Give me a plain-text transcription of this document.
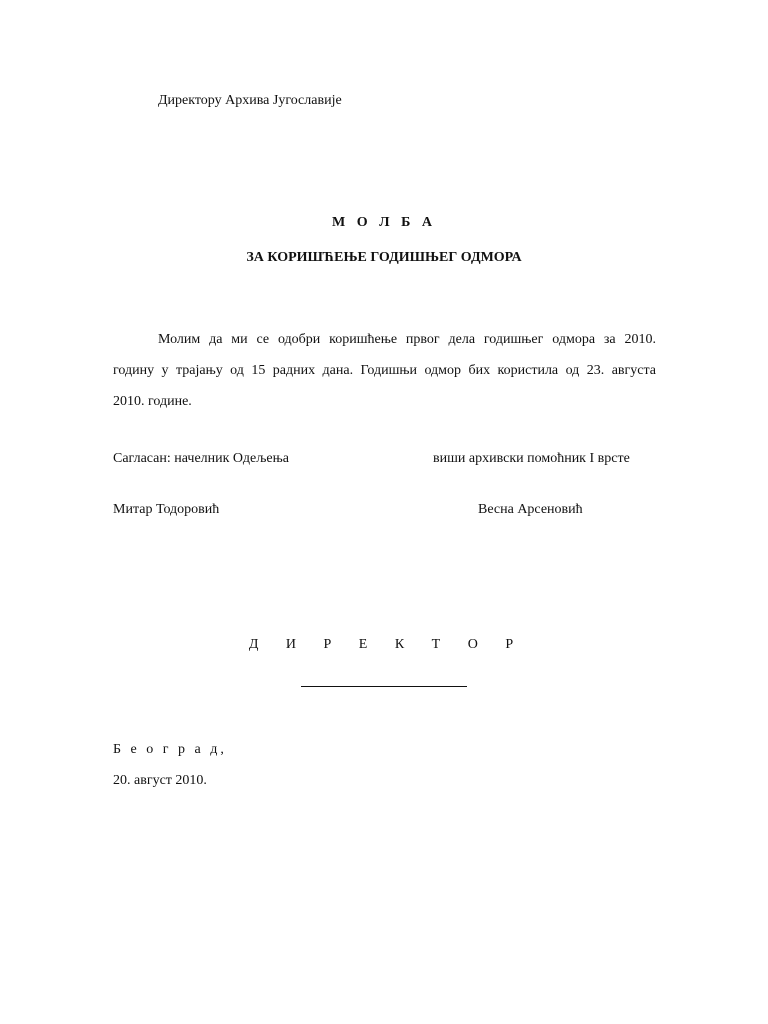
Директору Архива Југославије
М О Л Б А
ЗА КОРИШЋЕЊЕ ГОДИШЊЕГ ОДМОРА
Молим да ми се одобри коришћење првог дела годишњег одмора за 2010.
годину у трајању од 15 радних дана. Годишњи одмор бих користила од 23. августа
2010. године.
Сагласан: начелник Одељења	виши архивски помоћник I врсте
Митар Тодоровић	Весна Арсеновић
Д И Р Е К Т О Р
Б е о г р а д,
20. август 2010.
